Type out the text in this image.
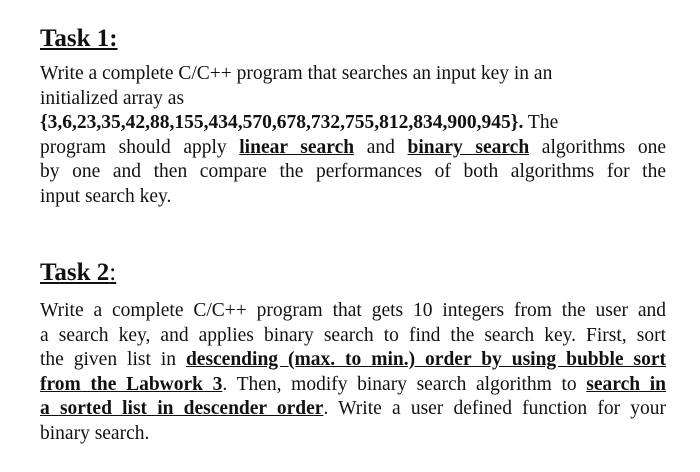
Task 1:
Write a complete C/C++ program that searches an input key in an
initialized array as
{3,6,23,35,42,88,155,434,570,678,732,755,812,834,900,945}. The
program should apply linear search and binary search algorithms one
by one and then compare the performances of both algorithms for the
input search key.
Task 2:
Write a complete C/C++ program that gets 10 integers from the user and
a search key, and applies binary search to find the search key. First, sort
the given list in descending (max. to min.) order by using bubble sort
from the Labwork 3. Then, modify binary search algorithm to search in
a sorted list in descender order. Write a user defined function for your
binary search.
